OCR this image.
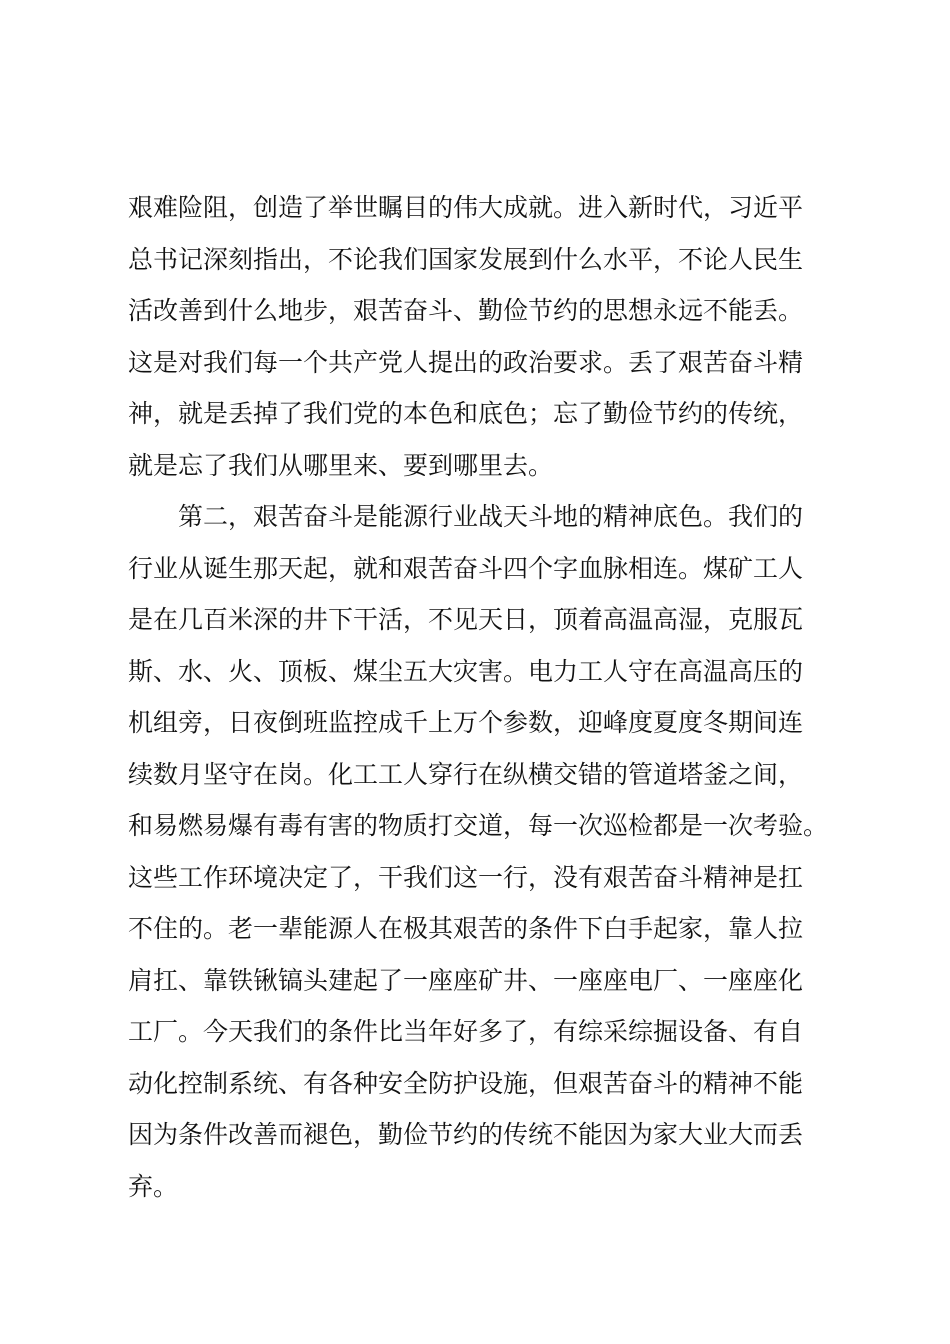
艰难险阻，创造了举世瞩目的伟大成就。进入新时代，习近平
总书记深刻指出，不论我们国家发展到什么水平，不论人民生
活改善到什么地步，艰苦奋斗、勤俭节约的思想永远不能丢。
这是对我们每一个共产党人提出的政治要求。丢了艰苦奋斗精
神，就是丢掉了我们党的本色和底色；忘了勤俭节约的传统，
就是忘了我们从哪里来、要到哪里去。
　　第二，艰苦奋斗是能源行业战天斗地的精神底色。我们的
行业从诞生那天起，就和艰苦奋斗四个字血脉相连。煤矿工人
是在几百米深的井下干活，不见天日，顶着高温高湿，克服瓦
斯、水、火、顶板、煤尘五大灾害。电力工人守在高温高压的
机组旁，日夜倒班监控成千上万个参数，迎峰度夏度冬期间连
续数月坚守在岗。化工工人穿行在纵横交错的管道塔釜之间，
和易燃易爆有毒有害的物质打交道，每一次巡检都是一次考验。
这些工作环境决定了，干我们这一行，没有艰苦奋斗精神是扛
不住的。老一辈能源人在极其艰苦的条件下白手起家，靠人拉
肩扛、靠铁锹镐头建起了一座座矿井、一座座电厂、一座座化
工厂。今天我们的条件比当年好多了，有综采综掘设备、有自
动化控制系统、有各种安全防护设施，但艰苦奋斗的精神不能
因为条件改善而褪色，勤俭节约的传统不能因为家大业大而丢
弃。
